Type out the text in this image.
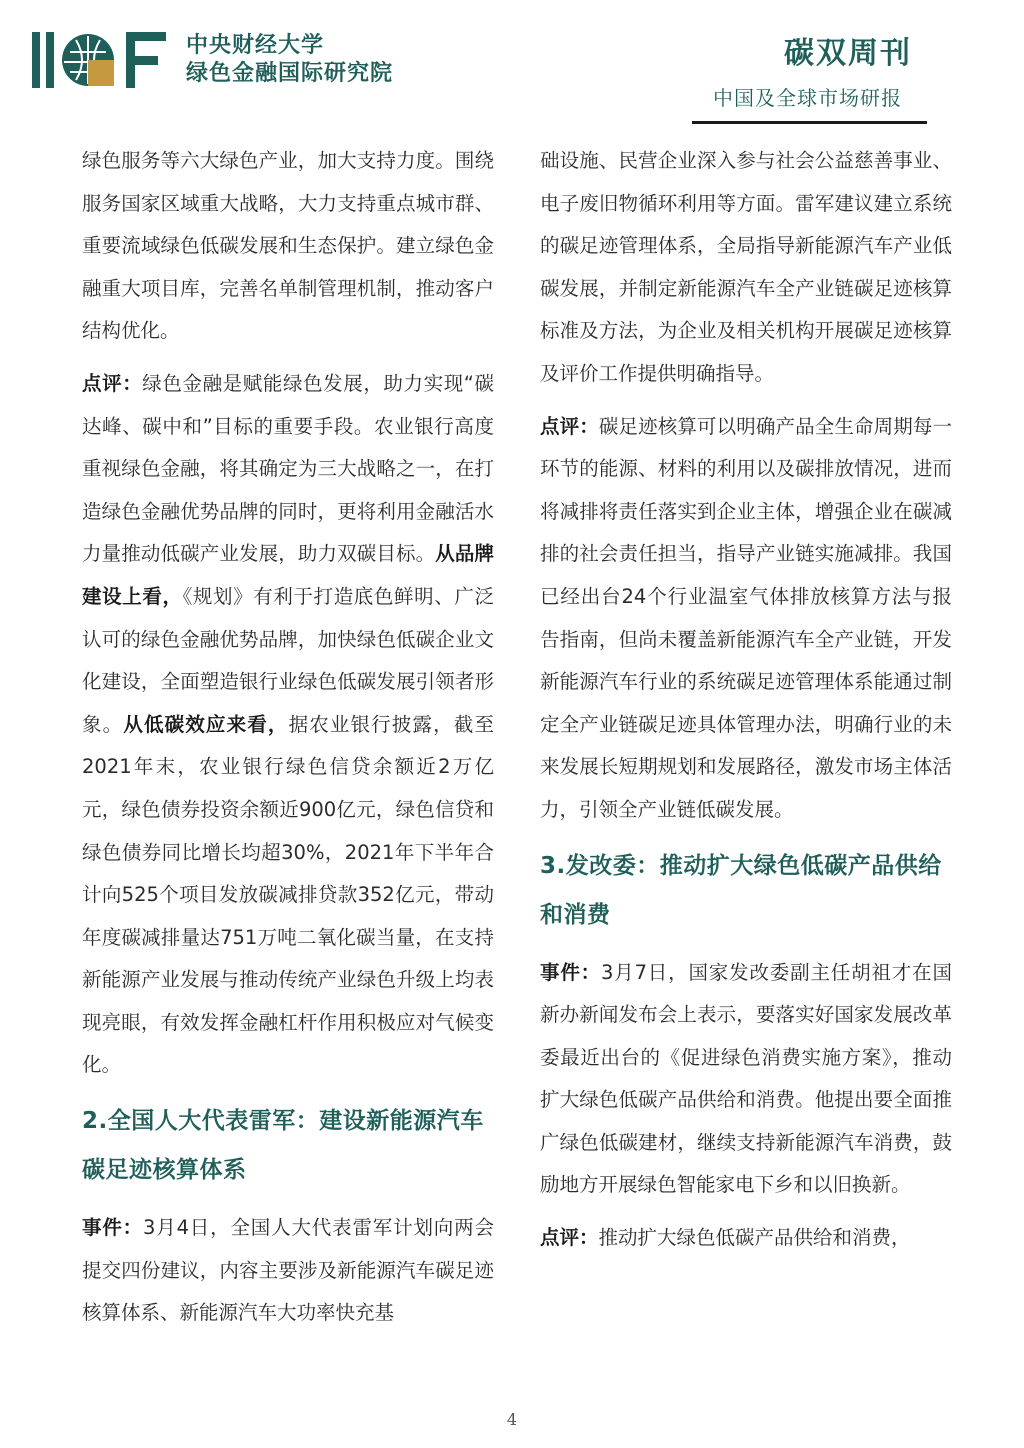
中央财经大学
绿色金融国际研究院
碳双周刊
中国及全球市场研报

绿色服务等六大绿色产业，加大支持力度。围绕服务国家区域重大战略，大力支持重点城市群、重要流域绿色低碳发展和生态保护。建立绿色金融重大项目库，完善名单制管理机制，推动客户结构优化。

点评：绿色金融是赋能绿色发展，助力实现“碳达峰、碳中和”目标的重要手段。农业银行高度重视绿色金融，将其确定为三大战略之一，在打造绿色金融优势品牌的同时，更将利用金融活水力量推动低碳产业发展，助力双碳目标。从品牌建设上看，《规划》有利于打造底色鲜明、广泛认可的绿色金融优势品牌，加快绿色低碳企业文化建设，全面塑造银行业绿色低碳发展引领者形象。从低碳效应来看，据农业银行披露，截至2021年末，农业银行绿色信贷余额近2万亿元，绿色债券投资余额近900亿元，绿色信贷和绿色债券同比增长均超30%，2021年下半年合计向525个项目发放碳减排贷款352亿元，带动年度碳减排量达751万吨二氧化碳当量，在支持新能源产业发展与推动传统产业绿色升级上均表现亮眼，有效发挥金融杠杆作用积极应对气候变化。

2.全国人大代表雷军：建设新能源汽车碳足迹核算体系

事件：3月4日，全国人大代表雷军计划向两会提交四份建议，内容主要涉及新能源汽车碳足迹核算体系、新能源汽车大功率快充基

础设施、民营企业深入参与社会公益慈善事业、电子废旧物循环利用等方面。雷军建议建立系统的碳足迹管理体系，全局指导新能源汽车产业低碳发展，并制定新能源汽车全产业链碳足迹核算标准及方法，为企业及相关机构开展碳足迹核算及评价工作提供明确指导。

点评：碳足迹核算可以明确产品全生命周期每一环节的能源、材料的利用以及碳排放情况，进而将减排将责任落实到企业主体，增强企业在碳减排的社会责任担当，指导产业链实施减排。我国已经出台24个行业温室气体排放核算方法与报告指南，但尚未覆盖新能源汽车全产业链，开发新能源汽车行业的系统碳足迹管理体系能通过制定全产业链碳足迹具体管理办法，明确行业的未来发展长短期规划和发展路径，激发市场主体活力，引领全产业链低碳发展。

3.发改委：推动扩大绿色低碳产品供给和消费

事件：3月7日，国家发改委副主任胡祖才在国新办新闻发布会上表示，要落实好国家发展改革委最近出台的《促进绿色消费实施方案》，推动扩大绿色低碳产品供给和消费。他提出要全面推广绿色低碳建材，继续支持新能源汽车消费，鼓励地方开展绿色智能家电下乡和以旧换新。

点评：推动扩大绿色低碳产品供给和消费，

4
